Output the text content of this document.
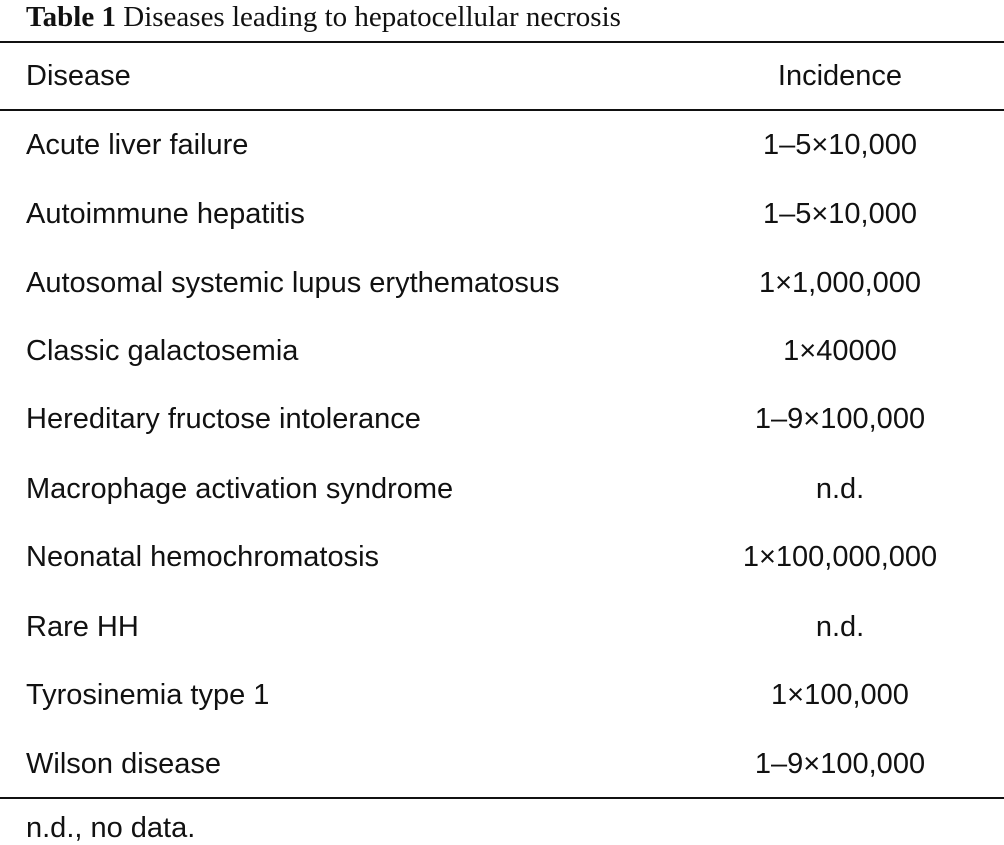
Table 1 Diseases leading to hepatocellular necrosis
Disease	Incidence
Acute liver failure	1–5×10,000
Autoimmune hepatitis	1–5×10,000
Autosomal systemic lupus erythematosus	1×1,000,000
Classic galactosemia	1×40000
Hereditary fructose intolerance	1–9×100,000
Macrophage activation syndrome	n.d.
Neonatal hemochromatosis	1×100,000,000
Rare HH	n.d.
Tyrosinemia type 1	1×100,000
Wilson disease	1–9×100,000
n.d., no data.
